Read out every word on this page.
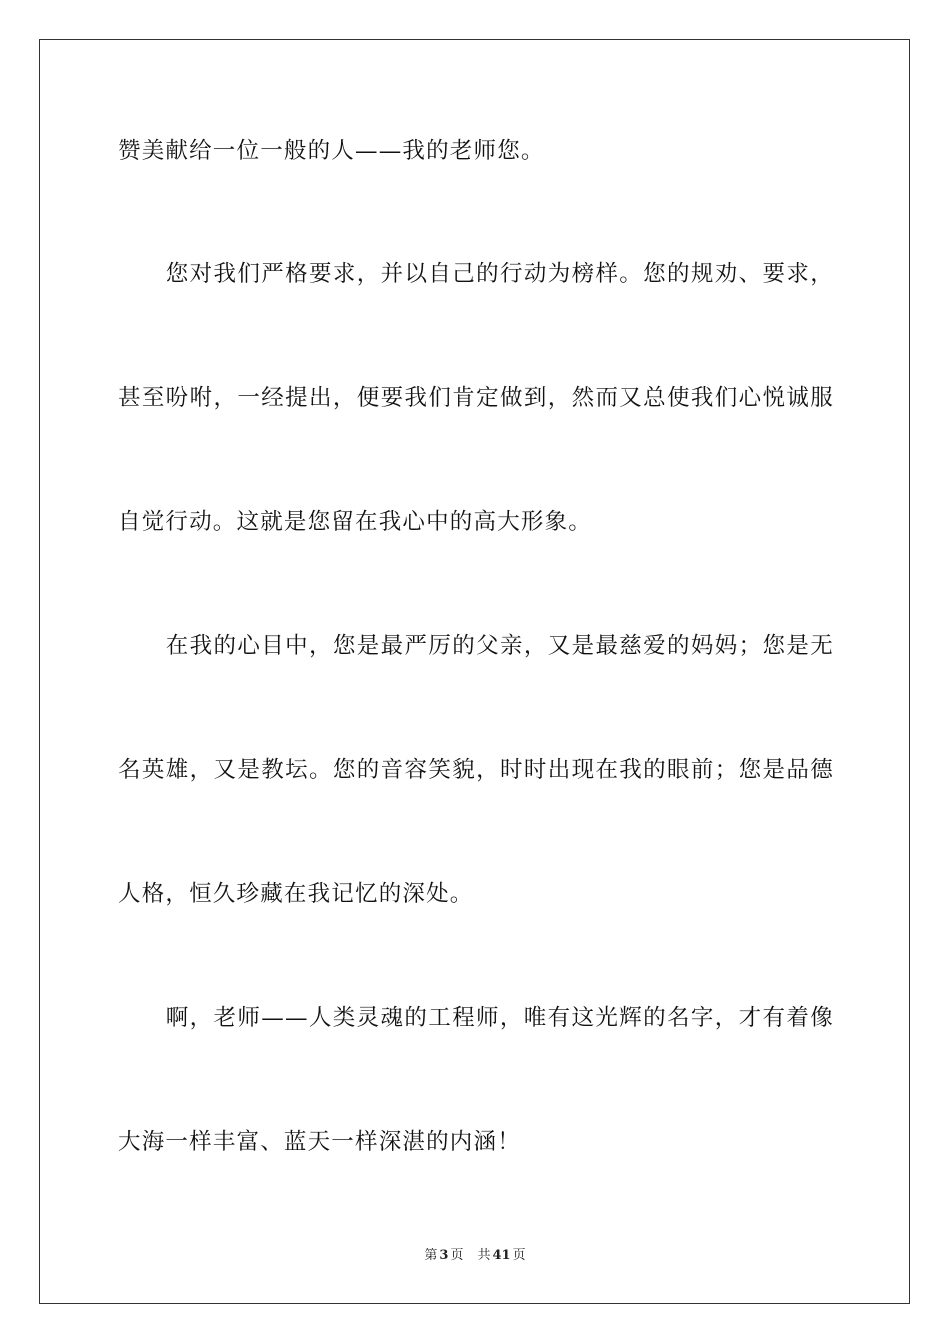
赞美献给一位一般的人——我的老师您。
　　您对我们严格要求，并以自己的行动为榜样。您的规劝、要求，
甚至吩咐，一经提出，便要我们肯定做到，然而又总使我们心悦诚服
自觉行动。这就是您留在我心中的高大形象。
　　在我的心目中，您是最严厉的父亲，又是最慈爱的妈妈；您是无
名英雄，又是教坛。您的音容笑貌，时时出现在我的眼前；您是品德
人格，恒久珍藏在我记忆的深处。
　　啊，老师——人类灵魂的工程师，唯有这光辉的名字，才有着像
大海一样丰富、蓝天一样深湛的内涵！
第 3 页 共 41 页
